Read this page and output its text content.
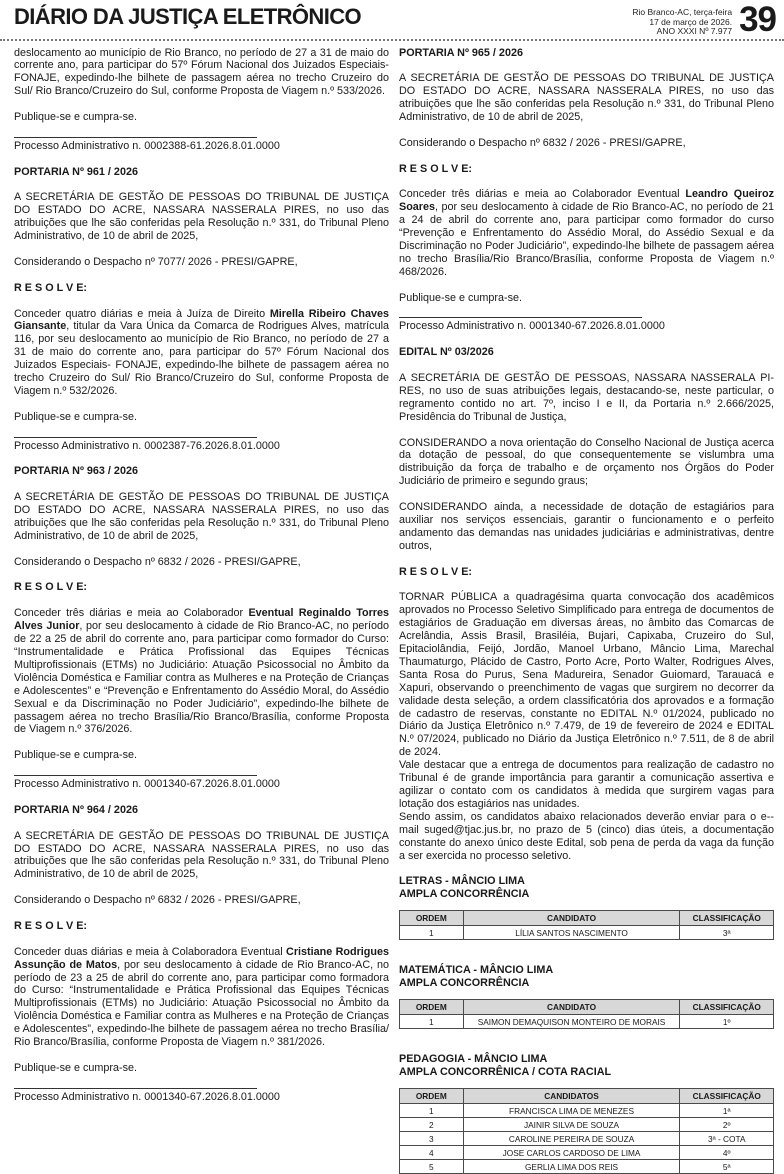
DIÁRIO DA JUSTIÇA ELETRÔNICO	Rio Branco-AC, terça-feira
17 de março de 2026.
ANO XXXI Nº 7.977 39
deslocamento ao município de Rio Branco, no período de 27 a 31 de maio do corrente ano, para participar do 57º Fórum Nacional dos Juizados Especiais- FONAJE, expedindo-lhe bilhete de passagem aérea no trecho Cruzeiro do Sul/ Rio Branco/Cruzeiro do Sul, conforme Proposta de Viagem n.º 533/2026.
Publique-se e cumpra-se.
Processo Administrativo n. 0002388-61.2026.8.01.0000
PORTARIA Nº 961 / 2026
A SECRETÁRIA DE GESTÃO DE PESSOAS DO TRIBUNAL DE JUSTIÇA DO ESTADO DO ACRE, NASSARA NASSERALA PIRES, no uso das atribuições que lhe são conferidas pela Resolução n.º 331, do Tribunal Pleno Administrativo, de 10 de abril de 2025,
Considerando o Despacho nº 7077/ 2026 - PRESI/GAPRE,
R E S O L V E:
Conceder quatro diárias e meia à Juíza de Direito Mirella Ribeiro Chaves Giansante, titular da Vara Única da Comarca de Rodrigues Alves, matrícula 116, por seu deslocamento ao município de Rio Branco, no período de 27 a 31 de maio do corrente ano, para participar do 57º Fórum Nacional dos Juizados Especiais- FONAJE, expedindo-lhe bilhete de passagem aérea no trecho Cruzeiro do Sul/ Rio Branco/Cruzeiro do Sul, conforme Proposta de Viagem n.º 532/2026.
Publique-se e cumpra-se.
Processo Administrativo n. 0002387-76.2026.8.01.0000
PORTARIA Nº 963 / 2026
A SECRETÁRIA DE GESTÃO DE PESSOAS DO TRIBUNAL DE JUSTIÇA DO ESTADO DO ACRE, NASSARA NASSERALA PIRES, no uso das atribuições que lhe são conferidas pela Resolução n.º 331, do Tribunal Pleno Administrativo, de 10 de abril de 2025,
Considerando o Despacho nº 6832 / 2026 - PRESI/GAPRE,
R E S O L V E:
Conceder três diárias e meia ao Colaborador Eventual Reginaldo Torres Alves Junior, por seu deslocamento à cidade de Rio Branco-AC, no período de 22 a 25 de abril do corrente ano, para participar como formador do Curso: “Instrumentalidade e Prática Profissional das Equipes Técnicas Multiprofissionais (ETMs) no Judiciário: Atuação Psicossocial no Âmbito da Violência Doméstica e Familiar contra as Mulheres e na Proteção de Crianças e Adolescentes” e “Prevenção e Enfrentamento do Assédio Moral, do Assédio Sexual e da Discriminação no Poder Judiciário”, expedindo-lhe bilhete de passagem aérea no trecho Brasília/Rio Branco/Brasília, conforme Proposta de Viagem n.º 376/2026.
Publique-se e cumpra-se.
Processo Administrativo n. 0001340-67.2026.8.01.0000
PORTARIA Nº 964 / 2026
A SECRETÁRIA DE GESTÃO DE PESSOAS DO TRIBUNAL DE JUSTIÇA DO ESTADO DO ACRE, NASSARA NASSERALA PIRES, no uso das atribuições que lhe são conferidas pela Resolução n.º 331, do Tribunal Pleno Administrativo, de 10 de abril de 2025,
Considerando o Despacho nº 6832 / 2026 - PRESI/GAPRE,
R E S O L V E:
Conceder duas diárias e meia à Colaboradora Eventual Cristiane Rodrigues Assunção de Matos, por seu deslocamento à cidade de Rio Branco-AC, no período de 23 a 25 de abril do corrente ano, para participar como formadora do Curso: “Instrumentalidade e Prática Profissional das Equipes Técnicas Multiprofissionais (ETMs) no Judiciário: Atuação Psicossocial no Âmbito da Violência Doméstica e Familiar contra as Mulheres e na Proteção de Crianças e Adolescentes”, expedindo-lhe bilhete de passagem aérea no trecho Brasília/ Rio Branco/Brasília, conforme Proposta de Viagem n.º 381/2026.
Publique-se e cumpra-se.
Processo Administrativo n. 0001340-67.2026.8.01.0000
PORTARIA Nº 965 / 2026
A SECRETÁRIA DE GESTÃO DE PESSOAS DO TRIBUNAL DE JUSTIÇA DO ESTADO DO ACRE, NASSARA NASSERALA PIRES, no uso das atribuições que lhe são conferidas pela Resolução n.º 331, do Tribunal Pleno Administrativo, de 10 de abril de 2025,
Considerando o Despacho nº 6832 / 2026 - PRESI/GAPRE,
R E S O L V E:
Conceder três diárias e meia ao Colaborador Eventual Leandro Queiroz Soares, por seu deslocamento à cidade de Rio Branco-AC, no período de 21 a 24 de abril do corrente ano, para participar como formador do curso “Prevenção e Enfrentamento do Assédio Moral, do Assédio Sexual e da Discriminação no Poder Judiciário”, expedindo-lhe bilhete de passagem aérea no trecho Brasília/Rio Branco/Brasília, conforme Proposta de Viagem n.º 468/2026.
Publique-se e cumpra-se.
Processo Administrativo n. 0001340-67.2026.8.01.0000
EDITAL Nº 03/2026
A SECRETÁRIA DE GESTÃO DE PESSOAS, NASSARA NASSERALA PI-RES, no uso de suas atribuições legais, destacando-se, neste particular, o regramento contido no art. 7º, inciso I e II, da Portaria n.º 2.666/2025, Presidência do Tribunal de Justiça,
CONSIDERANDO a nova orientação do Conselho Nacional de Justiça acerca da dotação de pessoal, do que consequentemente se vislumbra uma distribuição da força de trabalho e de orçamento nos Órgãos do Poder Judiciário de primeiro e segundo graus;
CONSIDERANDO ainda, a necessidade de dotação de estagiários para auxiliar nos serviços essenciais, garantir o funcionamento e o perfeito andamento das demandas nas unidades judiciárias e administrativas, dentre outros,
R E S O L V E:
TORNAR PÚBLICA a quadragésima quarta convocação dos acadêmicos aprovados no Processo Seletivo Simplificado para entrega de documentos de estagiários de Graduação em diversas áreas, no âmbito das Comarcas de Acrelândia, Assis Brasil, Brasiléia, Bujari, Capixaba, Cruzeiro do Sul, Epitaciolândia, Feijó, Jordão, Manoel Urbano, Mâncio Lima, Marechal Thaumaturgo, Plácido de Castro, Porto Acre, Porto Walter, Rodrigues Alves, Santa Rosa do Purus, Sena Madureira, Senador Guiomard, Tarauacá e Xapuri, observando o preenchimento de vagas que surgirem no decorrer da validade desta seleção, a ordem classificatória dos aprovados e a formação de cadastro de reservas, constante no EDITAL N.º 01/2024, publicado no Diário da Justiça Eletrônico n.º 7.479, de 19 de fevereiro de 2024 e EDITAL N.º 07/2024, publicado no Diário da Justiça Eletrônico n.º 7.511, de 8 de abril de 2024.
Vale destacar que a entrega de documentos para realização de cadastro no Tribunal é de grande importância para garantir a comunicação assertiva e agilizar o contato com os candidatos à medida que surgirem vagas para lotação dos estagiários nas unidades.
Sendo assim, os candidatos abaixo relacionados deverão enviar para o e--mail suged@tjac.jus.br, no prazo de 5 (cinco) dias úteis, a documentação constante do anexo único deste Edital, sob pena de perda da vaga da função a ser exercida no processo seletivo.
LETRAS - MÂNCIO LIMA
AMPLA CONCORRÊNCIA
ORDEM	CANDIDATO	CLASSIFICAÇÃO
1	LÍLIA SANTOS NASCIMENTO	3ª
MATEMÁTICA - MÂNCIO LIMA
AMPLA CONCORRÊNCIA
ORDEM	CANDIDATO	CLASSIFICAÇÃO
1	SAIMON DEMAQUISON MONTEIRO DE MORAIS	1º
PEDAGOGIA - MÂNCIO LIMA
AMPLA CONCORRÊNICA / COTA RACIAL
ORDEM	CANDIDATOS	CLASSIFICAÇÃO
1	FRANCISCA LIMA DE MENEZES	1ª
2	JAINIR SILVA DE SOUZA	2º
3	CAROLINE PEREIRA DE SOUZA	3ª - COTA
4	JOSE CARLOS CARDOSO DE LIMA	4º
5	GERLIA LIMA DOS REIS	5ª
